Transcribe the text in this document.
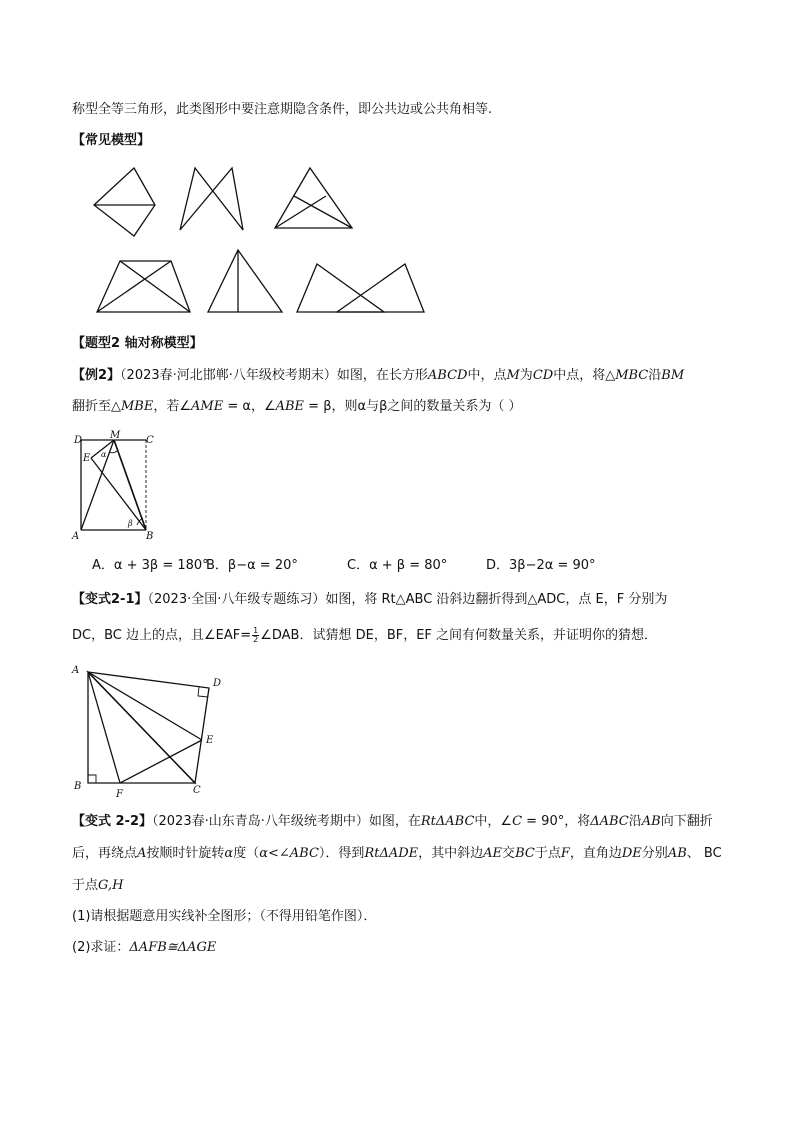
称型全等三角形，此类图形中要注意期隐含条件，即公共边或公共角相等.
【常见模型】
【题型2 轴对称模型】
【例2】（2023春·河北邯郸·八年级校考期末）如图，在长方形ABCD中，点M为CD中点，将△MBC沿BM
翻折至△MBE，若∠AME = α，∠ABE = β，则α与β之间的数量关系为（ ）
D	M	C
E α
A	B
β
A．α + 3β = 180°
B．β−α = 20°	C．α + β = 80°	D．3β−2α = 90°
【变式2-1】（2023·全国·八年级专题练习）如图，将 Rt△ABC 沿斜边翻折得到△ADC，点 E，F 分别为
DC，BC 边上的点，且∠EAF= $\frac{1}{2}$ ∠DAB．试猜想 DE，BF，EF 之间有何数量关系，并证明你的猜想．
A
D
E
B
F	C
【变式 2-2】（2023春·山东青岛·八年级统考期中）如图，在RtΔABC中，∠C = 90°，将ΔABC沿AB向下翻折
后，再绕点A按顺时针旋转α度（α<∠ABC）．得到RtΔADE，其中斜边AE交BC于点F，直角边DE分别AB、 BC
于点G,H
(1)请根据题意用实线补全图形；（不得用铅笔作图）．
(2)求证：ΔAFB≅ΔAGE
